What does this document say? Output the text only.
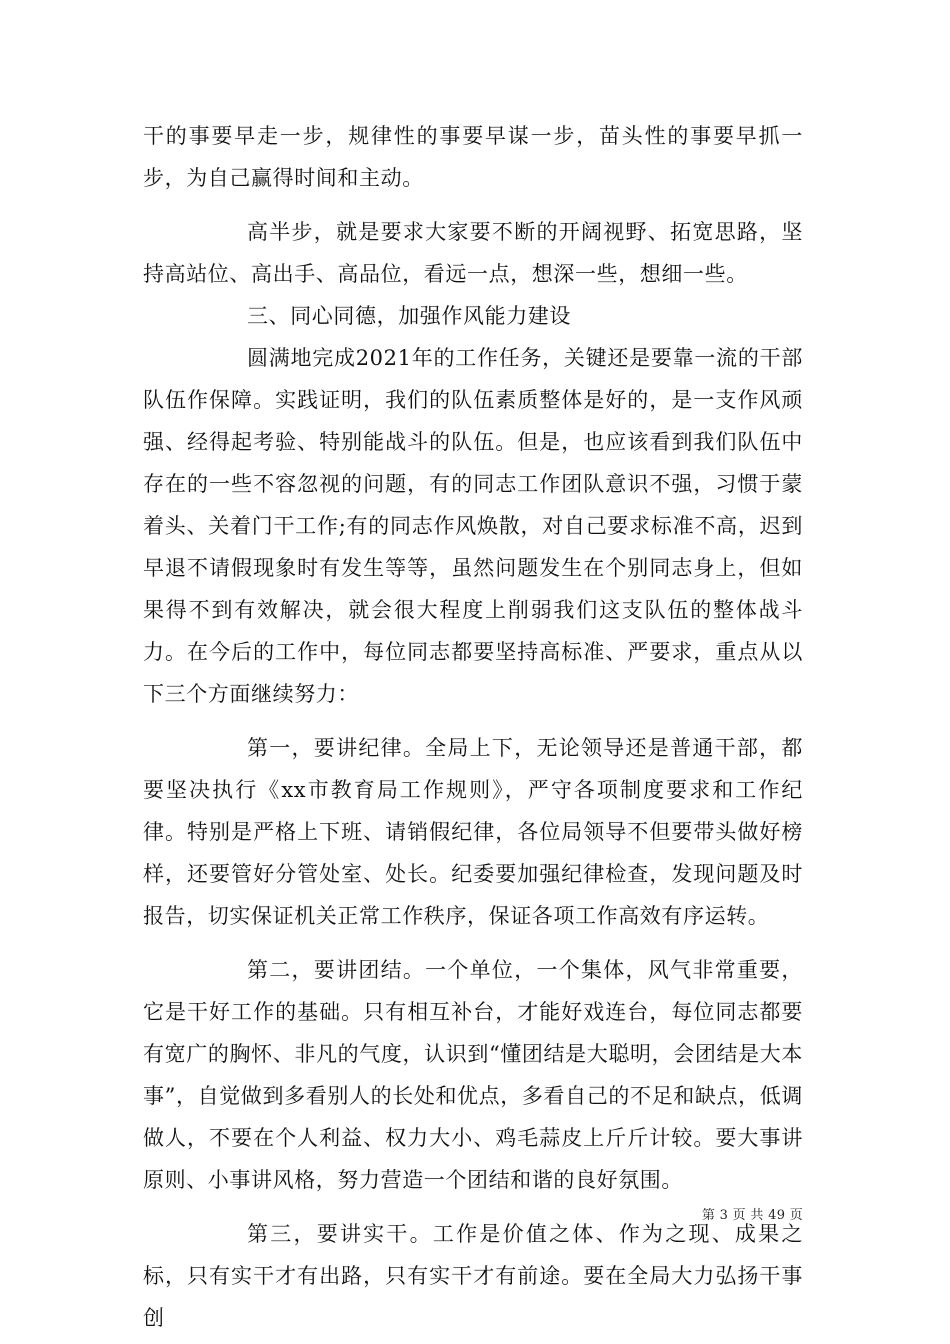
干的事要早走一步，规律性的事要早谋一步，苗头性的事要早抓一步，为自己赢得时间和主动。

高半步，就是要求大家要不断的开阔视野、拓宽思路，坚持高站位、高出手、高品位，看远一点，想深一些，想细一些。

三、同心同德，加强作风能力建设

圆满地完成2021年的工作任务，关键还是要靠一流的干部队伍作保障。实践证明，我们的队伍素质整体是好的，是一支作风顽强、经得起考验、特别能战斗的队伍。但是，也应该看到我们队伍中存在的一些不容忽视的问题，有的同志工作团队意识不强，习惯于蒙着头、关着门干工作;有的同志作风焕散，对自己要求标准不高，迟到早退不请假现象时有发生等等，虽然问题发生在个别同志身上，但如果得不到有效解决，就会很大程度上削弱我们这支队伍的整体战斗力。在今后的工作中，每位同志都要坚持高标准、严要求，重点从以下三个方面继续努力：

第一，要讲纪律。全局上下，无论领导还是普通干部，都要坚决执行《xx市教育局工作规则》，严守各项制度要求和工作纪律。特别是严格上下班、请销假纪律，各位局领导不但要带头做好榜样，还要管好分管处室、处长。纪委要加强纪律检查，发现问题及时报告，切实保证机关正常工作秩序，保证各项工作高效有序运转。

第二，要讲团结。一个单位，一个集体，风气非常重要，它是干好工作的基础。只有相互补台，才能好戏连台，每位同志都要有宽广的胸怀、非凡的气度，认识到“懂团结是大聪明，会团结是大本事”，自觉做到多看别人的长处和优点，多看自己的不足和缺点，低调做人，不要在个人利益、权力大小、鸡毛蒜皮上斤斤计较。要大事讲原则、小事讲风格，努力营造一个团结和谐的良好氛围。

第三，要讲实干。工作是价值之体、作为之现、成果之标，只有实干才有出路，只有实干才有前途。要在全局大力弘扬干事创

第 3 页 共 49 页
